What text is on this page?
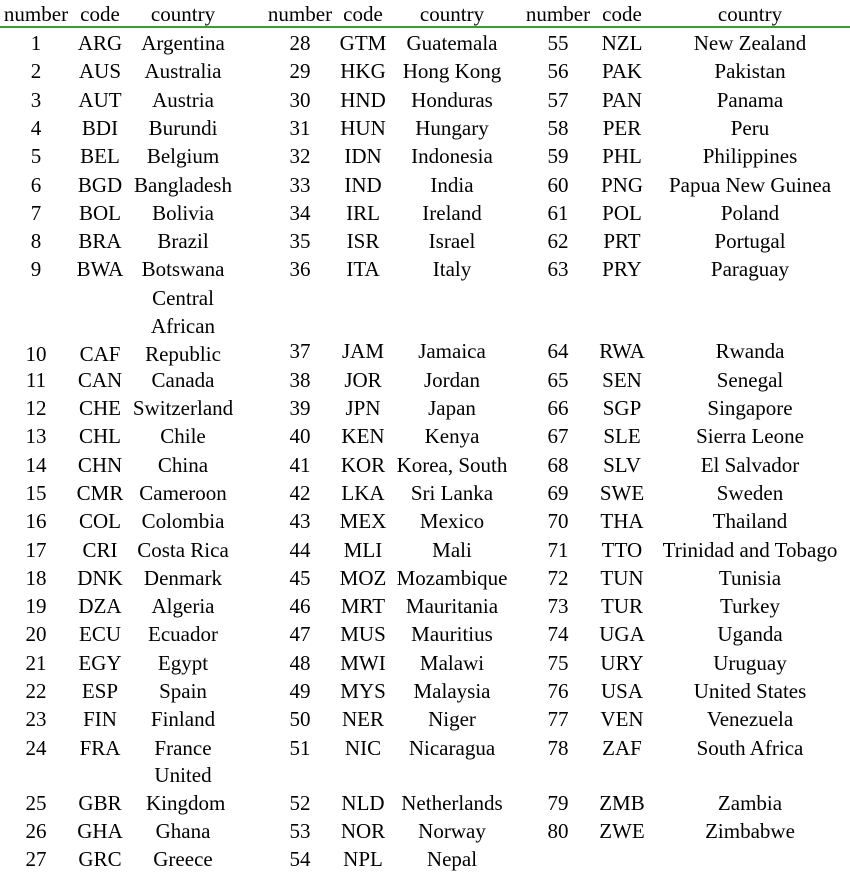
number code	country	number code	country	number code	country
1	ARG Argentina
2	AUS	Australia
3	AUT	Austria
4	BDI	Burundi
5	BEL	Belgium
6	BGD Bangladesh
7	BOL	Bolivia
8	BRA	Brazil
9	BWA Botswana
10	CAF
Central African Republic
11	CAN	Canada
12	CHE Switzerland
13	CHL	Chile
14	CHN	China
15	CMR Cameroon
16	COL Colombia
17	CRI Costa Rica
18	DNK	Denmark
19	DZA	Algeria
20	ECU	Ecuador
21	EGY	Egypt
22	ESP	Spain
23	FIN	Finland
24	FRA	France
25	GBR
United Kingdom
26	GHA	Ghana
27	GRC	Greece
28	GTM Guatemala
29	HKG Hong Kong
30	HND	Honduras
31	HUN	Hungary
32	IDN	Indonesia
33	IND	India
34	IRL	Ireland
35	ISR	Israel
36	ITA	Italy
37	JAM	Jamaica
38	JOR	Jordan
39	JPN	Japan
40	KEN	Kenya
41	KOR Korea, South
42	LKA	Sri Lanka
43	MEX	Mexico
44	MLI	Mali
45	MOZ Mozambique
46	MRT Mauritania
47	MUS	Mauritius
48	MWI	Malawi
49	MYS	Malaysia
50	NER	Niger
51	NIC	Nicaragua
52	NLD Netherlands
53	NOR	Norway
54	NPL	Nepal
55	NZL	New Zealand
56	PAK	Pakistan
57	PAN	Panama
58	PER	Peru
59	PHL	Philippines
60	PNG	Papua New Guinea
61	POL	Poland
62	PRT	Portugal
63	PRY	Paraguay
64	RWA	Rwanda
65	SEN	Senegal
66	SGP	Singapore
67	SLE	Sierra Leone
68	SLV	El Salvador
69	SWE	Sweden
70	THA	Thailand
71	TTO Trinidad and Tobago
72	TUN	Tunisia
73	TUR	Turkey
74	UGA	Uganda
75	URY	Uruguay
76	USA	United States
77	VEN	Venezuela
78	ZAF	South Africa
79	ZMB	Zambia
80	ZWE	Zimbabwe
